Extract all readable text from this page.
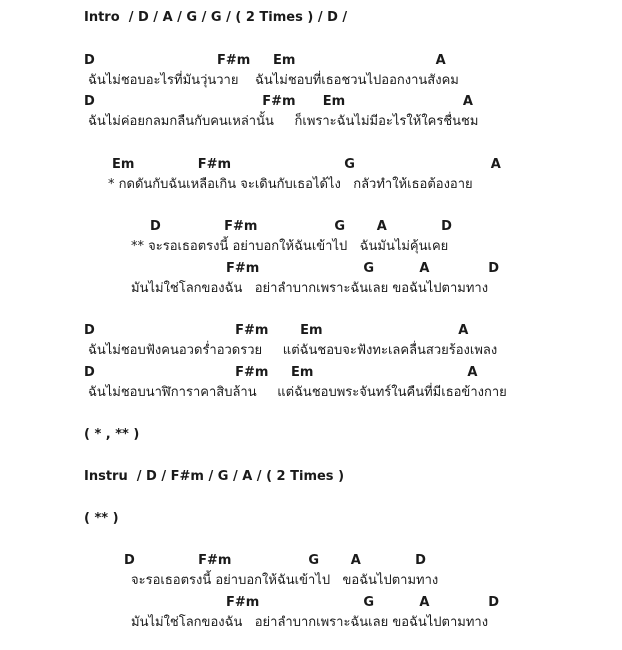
Intro  / D / A / G / G / ( 2 Times ) / D /
D                           F#m     Em                               A
ฉันไม่ชอบอะไรที่มันวุ่นวาย    ฉันไม่ชอบที่เธอชวนไปออกงานสังคม
D                                     F#m      Em                          A
ฉันไม่ค่อยกลมกลืนกับคนเหล่านั้น     ก็เพราะฉันไม่มีอะไรให้ใครชื่นชม
Em              F#m                         G                              A
* กดดันกับฉันเหลือเกิน จะเดินกับเธอได้ไง   กลัวทำให้เธอต้องอาย
D              F#m                 G       A            D
** จะรอเธอตรงนี้ อย่าบอกให้ฉันเข้าไป   ฉันมันไม่คุ้นเคย
F#m                       G          A             D
มันไม่ใช่โลกของฉัน   อย่าลำบากเพราะฉันเลย ขอฉันไปตามทาง
D                               F#m       Em                              A
ฉันไม่ชอบฟังคนอวดร่ำอวดรวย     แต่ฉันชอบจะฟังทะเลคลื่นสวยร้องเพลง
D                               F#m     Em                                  A
ฉันไม่ชอบนาฬิการาคาสิบล้าน     แต่ฉันชอบพระจันทร์ในคืนที่มีเธอข้างกาย
( * , ** )
Instru  / D / F#m / G / A / ( 2 Times )
( ** )
D              F#m                 G       A            D
จะรอเธอตรงนี้ อย่าบอกให้ฉันเข้าไป   ขอฉันไปตามทาง
F#m                       G          A             D
มันไม่ใช่โลกของฉัน   อย่าลำบากเพราะฉันเลย ขอฉันไปตามทาง
